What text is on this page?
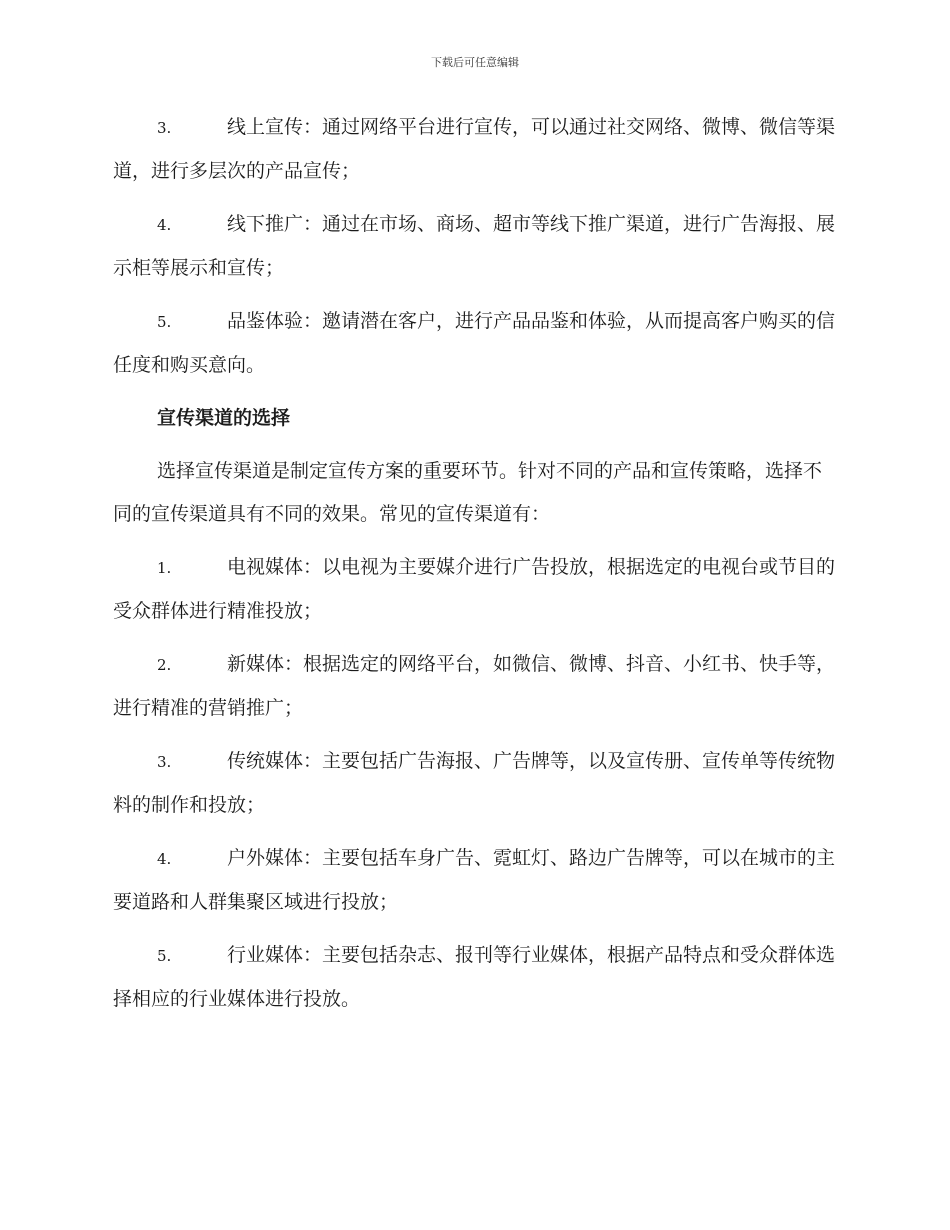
下载后可任意编辑
3.	线上宣传：通过网络平台进行宣传，可以通过社交网络、微博、微信等渠道，进行多层次的产品宣传；
4.	线下推广：通过在市场、商场、超市等线下推广渠道，进行广告海报、展示柜等展示和宣传；
5.	品鉴体验：邀请潜在客户，进行产品品鉴和体验，从而提高客户购买的信任度和购买意向。
宣传渠道的选择
选择宣传渠道是制定宣传方案的重要环节。针对不同的产品和宣传策略，选择不同的宣传渠道具有不同的效果。常见的宣传渠道有：
1.	电视媒体：以电视为主要媒介进行广告投放，根据选定的电视台或节目的受众群体进行精准投放；
2.	新媒体：根据选定的网络平台，如微信、微博、抖音、小红书、快手等，进行精准的营销推广；
3.	传统媒体：主要包括广告海报、广告牌等，以及宣传册、宣传单等传统物料的制作和投放；
4.	户外媒体：主要包括车身广告、霓虹灯、路边广告牌等，可以在城市的主要道路和人群集聚区域进行投放；
5.	行业媒体：主要包括杂志、报刊等行业媒体，根据产品特点和受众群体选择相应的行业媒体进行投放。
